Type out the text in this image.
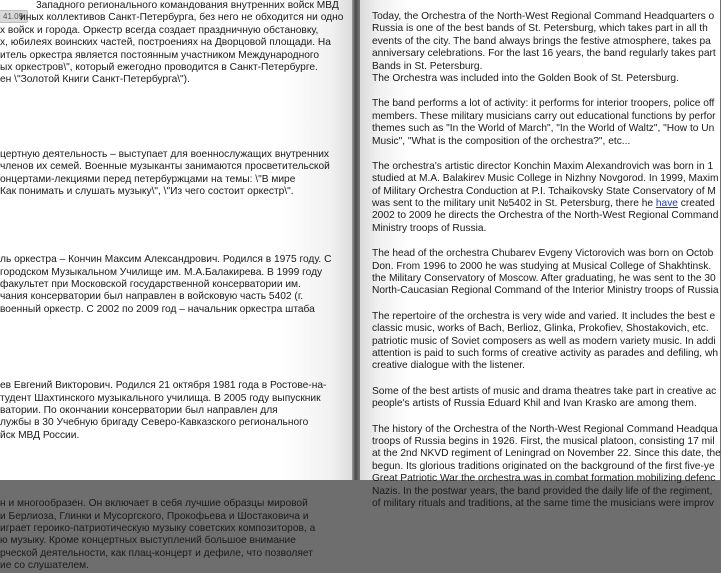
41.09
3ападного регионального командования внутренних войск МВД
иных коллективов Санкт-Петербурга, без него не обходится ни одно
х войск и города. Оркестр всегда создает праздничную обстановку,
х, юбилеях воинских частей, построениях на Дворцовой площади. На
итель оркестра является постоянным участником Международного
ых оркестров\", который ежегодно проводится в Санкт-Петербурге.
ен \"Золотой Книги Санкт-Петербурга\").
цертную деятельность – выступает для военнослужащих внутренних
членов их семей. Военные музыканты занимаются просветительской
онцертами-лекциями перед петербуржцами на темы: \"В мире
Как понимать и слушать музыку\", \"Из чего состоит оркестр\".
ль оркестра – Кончин Максим Александрович. Родился в 1975 году. С
городском Музыкальном Училище им. М.А.Балакирева. В 1999 году
факультет при Московской государственной консерватории им.
чания консерватории был направлен в войсковую часть 5402 (г.
военный оркестр. С 2002 по 2009 год – начальник оркестра штаба
ев Евгений Викторович. Родился 21 октября 1981 года в Ростове-на-
тудент Шахтинского музыкального училища. В 2005 году выпускник
ватории. По окончании консерватории был направлен для
лужбы в 30 Учебную бригаду Северо-Кавказского регионального
йск МВД России.
н и многообразен. Он включает в себя лучшие образцы мировой
и Берлиоза, Глинки и Мусоргского, Прокофьева и Шостаковича и
играет героико-патриотическую музыку советских композиторов, а
ю музыку. Кроме концертных выступлений большое внимание
рческой деятельности, как плац-концерт и дефиле, что позволяет
ие со слушателем.
Today, the Orchestra of the North-West Regional Command Headquarters o
Russia is one of the best bands of St. Petersburg, which takes part in all th
events of the city. The band always brings the festive atmosphere, takes pa
anniversary celebrations. For the last 16 years, the band regularly takes part
Bands in St. Petersburg.
The Orchestra was included into the Golden Book of St. Petersburg.
The band performs a lot of activity: it performs for interior troopers, police off
members. These military musicians carry out educational functions by perfor
themes such as "In the World of March", "In the World of Waltz", "How to Un
Music", "What is the composition of the orchestra?", etc...
The orchestra's artistic director Konchin Maxim Alexandrovich was born in 1
studied at M.A. Balakirev Music College in Nizhny Novgorod. In 1999, Maxim
of Military Orchestra Conduction at P.I. Tchaikovsky State Conservatory of M
was sent to the military unit №5402 in St. Petersburg, there he have created
2002 to 2009 he directs the Orchestra of the North-West Regional Command
Ministry troops of Russia.
The head of the orchestra Chubarev Evgeny Victorovich was born on Octob
Don. From 1996 to 2000 he was studying at Musical College of Shakhtinsk.
the Military Conservatory of Moscow. After graduating, he was sent to the 30
North-Caucasian Regional Command of the Interior Ministry troops of Russia
The repertoire of the orchestra is very wide and varied. It includes the best e
classic music, works of Bach, Berlioz, Glinka, Prokofiev, Shostakovich, etc.
patriotic music of Soviet composers as well as modern variety music. In addi
attention is paid to such forms of creative activity as parades and defiling, wh
creative dialogue with the listener.
Some of the best artists of music and drama theatres take part in creative ac
people's artists of Russia Eduard Khil and Ivan Krasko are among them.
The history of the Orchestra of the North-West Regional Command Headqua
troops of Russia begins in 1926. First, the musical platoon, consisting 17 mil
at the 2nd NKVD regiment of Leningrad on November 22. Since this date, the
begun. Its glorious traditions originated on the background of the first five-ye
Great Patriotic War the orchestra was in combat formation mobilizing defenc
Nazis. In the postwar years, the band provided the daily life of the regiment,
of military rituals and traditions, at the same time the musicians were improv
